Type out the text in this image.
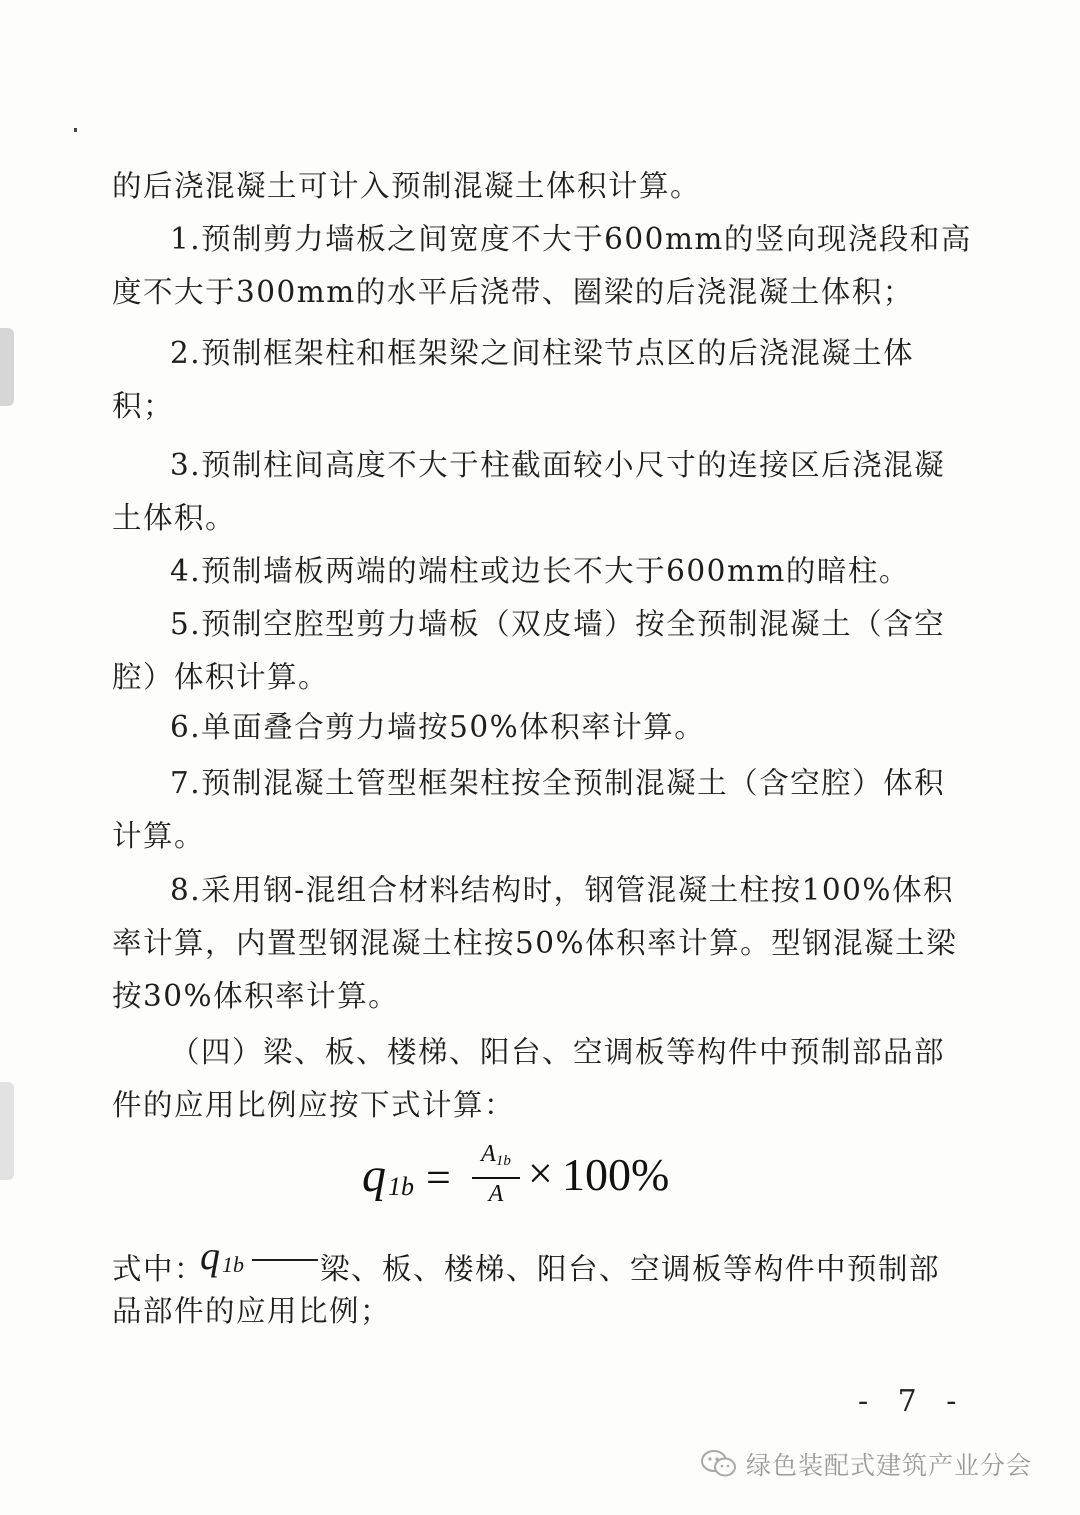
的后浇混凝土可计入预制混凝土体积计算。
1.预制剪力墙板之间宽度不大于600mm的竖向现浇段和高
度不大于300mm的水平后浇带、圈梁的后浇混凝土体积；
2.预制框架柱和框架梁之间柱梁节点区的后浇混凝土体
积；
3.预制柱间高度不大于柱截面较小尺寸的连接区后浇混凝
土体积。
4.预制墙板两端的端柱或边长不大于600mm的暗柱。
5.预制空腔型剪力墙板（双皮墙）按全预制混凝土（含空
腔）体积计算。
6.单面叠合剪力墙按50%体积率计算。
7.预制混凝土管型框架柱按全预制混凝土（含空腔）体积
计算。
8.采用钢-混组合材料结构时，钢管混凝土柱按100%体积
率计算，内置型钢混凝土柱按50%体积率计算。型钢混凝土梁
按30%体积率计算。
（四）梁、板、楼梯、阳台、空调板等构件中预制部品部
件的应用比例应按下式计算：
q 1b =	$A_{1b}$
A × 100%
式中：
q 1b	梁、板、楼梯、阳台、空调板等构件中预制部
品部件的应用比例；
- 7 -
绿色装配式建筑产业分会
